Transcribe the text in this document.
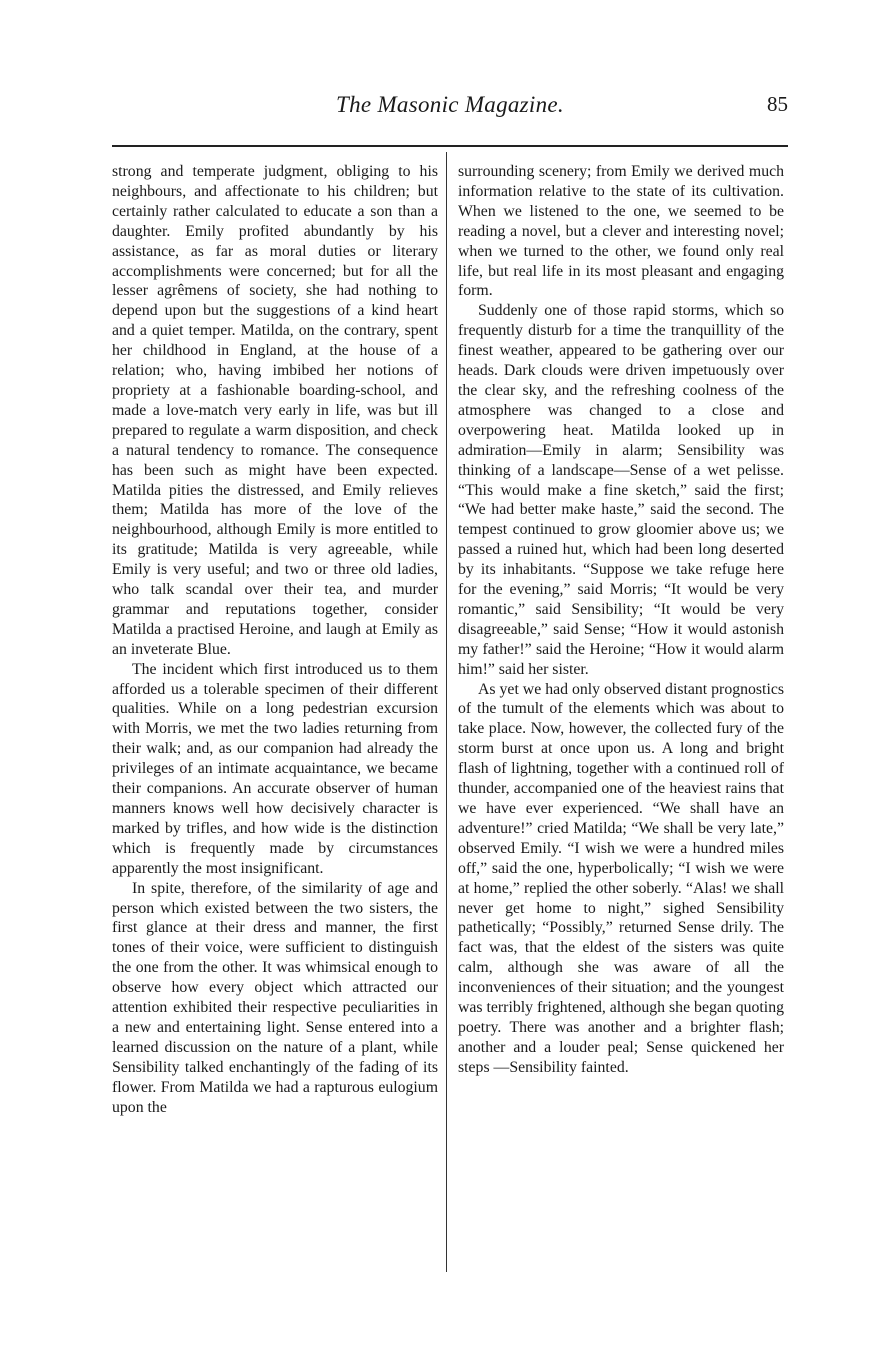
The Masonic Magazine.	85

strong and temperate judgment, obliging to his neighbours, and affectionate to his children; but certainly rather calculated to educate a son than a daughter. Emily profited abundantly by his assistance, as far as moral duties or literary accomplishments were concerned; but for all the lesser agrêmens of society, she had nothing to depend upon but the suggestions of a kind heart and a quiet temper. Matilda, on the contrary, spent her childhood in England, at the house of a relation; who, having imbibed her notions of propriety at a fashionable boarding-school, and made a love-match very early in life, was but ill prepared to regulate a warm disposition, and check a natural tendency to romance. The consequence has been such as might have been expected. Matilda pities the distressed, and Emily relieves them; Matilda has more of the love of the neighbourhood, although Emily is more entitled to its gratitude; Matilda is very agreeable, while Emily is very useful; and two or three old ladies, who talk scandal over their tea, and murder grammar and reputations together, consider Matilda a practised Heroine, and laugh at Emily as an inveterate Blue.

The incident which first introduced us to them afforded us a tolerable specimen of their different qualities. While on a long pedestrian excursion with Morris, we met the two ladies returning from their walk; and, as our companion had already the privileges of an intimate acquaintance, we became their companions. An accurate observer of human manners knows well how decisively character is marked by trifles, and how wide is the distinction which is frequently made by circumstances apparently the most insignificant.

In spite, therefore, of the similarity of age and person which existed between the two sisters, the first glance at their dress and manner, the first tones of their voice, were sufficient to distinguish the one from the other. It was whimsical enough to observe how every object which attracted our attention exhibited their respective peculiarities in a new and entertaining light. Sense entered into a learned discussion on the nature of a plant, while Sensibility talked enchantingly of the fading of its flower. From Matilda we had a rapturous eulogium upon the

surrounding scenery; from Emily we derived much information relative to the state of its cultivation. When we listened to the one, we seemed to be reading a novel, but a clever and interesting novel; when we turned to the other, we found only real life, but real life in its most pleasant and engaging form.

Suddenly one of those rapid storms, which so frequently disturb for a time the tranquillity of the finest weather, appeared to be gathering over our heads. Dark clouds were driven impetuously over the clear sky, and the refreshing coolness of the atmosphere was changed to a close and overpowering heat. Matilda looked up in admiration—Emily in alarm; Sensibility was thinking of a landscape—Sense of a wet pelisse. “This would make a fine sketch,” said the first; “We had better make haste,” said the second. The tempest continued to grow gloomier above us; we passed a ruined hut, which had been long deserted by its inhabitants. “Suppose we take refuge here for the evening,” said Morris; “It would be very romantic,” said Sensibility; “It would be very disagreeable,” said Sense; “How it would astonish my father!” said the Heroine; “How it would alarm him!” said her sister.

As yet we had only observed distant prognostics of the tumult of the elements which was about to take place. Now, however, the collected fury of the storm burst at once upon us. A long and bright flash of lightning, together with a continued roll of thunder, accompanied one of the heaviest rains that we have ever experienced. “We shall have an adventure!” cried Matilda; “We shall be very late,” observed Emily. “I wish we were a hundred miles off,” said the one, hyperbolically; “I wish we were at home,” replied the other soberly. “Alas! we shall never get home to night,” sighed Sensibility pathetically; “Possibly,” returned Sense drily. The fact was, that the eldest of the sisters was quite calm, although she was aware of all the inconveniences of their situation; and the youngest was terribly frightened, although she began quoting poetry. There was another and a brighter flash; another and a louder peal; Sense quickened her steps —Sensibility fainted.
